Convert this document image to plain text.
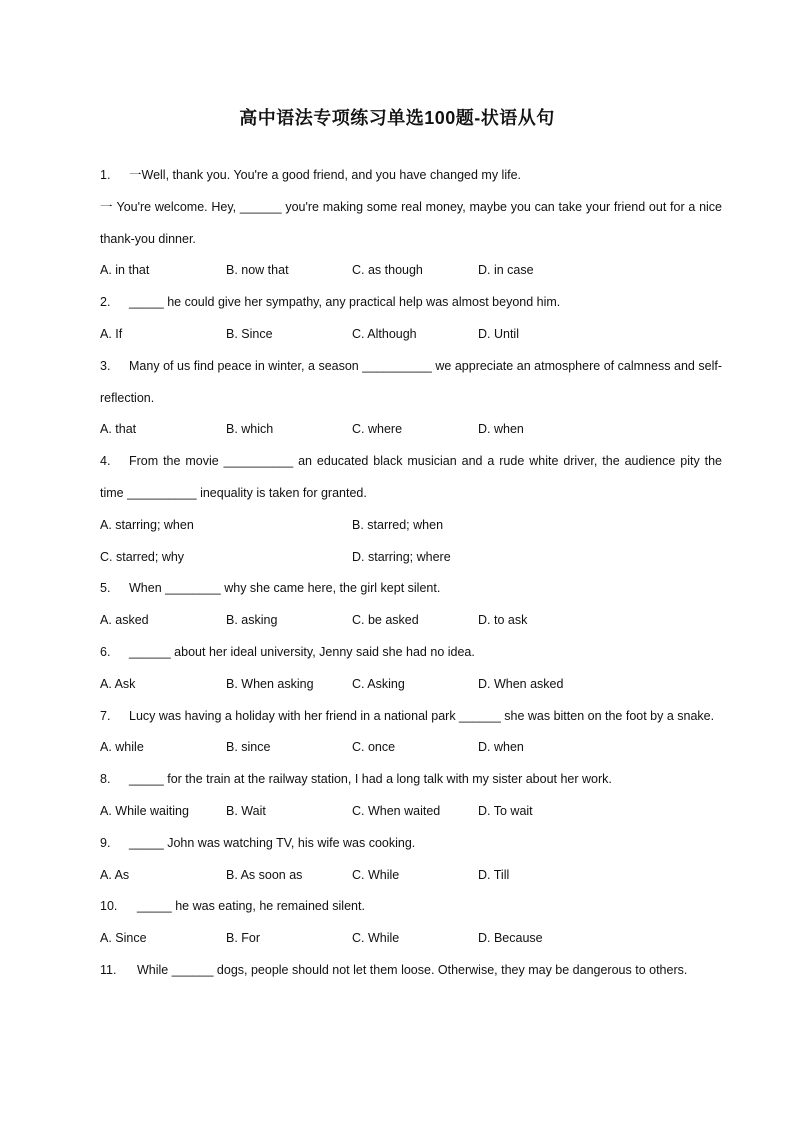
高中语法专项练习单选100题-状语从句
1. 一Well, thank you. You're a good friend, and you have changed my life.
一 You're welcome. Hey, ______ you're making some real money, maybe you can take your friend out for a nice thank-you dinner.
A. in that	B. now that	C. as though	D. in case
2. _____ he could give her sympathy, any practical help was almost beyond him.
A. If	B. Since	C. Although	D. Until
3. Many of us find peace in winter, a season __________ we appreciate an atmosphere of calmness and self-reflection.
A. that	B. which	C. where	D. when
4. From the movie __________ an educated black musician and a rude white driver, the audience pity the time __________ inequality is taken for granted.
A. starring; when	B. starred; when
C. starred; why	D. starring; where
5. When ________ why she came here, the girl kept silent.
A. asked	B. asking	C. be asked	D. to ask
6. ______ about her ideal university, Jenny said she had no idea.
A. Ask	B. When asking	C. Asking	D. When asked
7. Lucy was having a holiday with her friend in a national park ______ she was bitten on the foot by a snake.
A. while	B. since	C. once	D. when
8. _____ for the train at the railway station, I had a long talk with my sister about her work.
A. While waiting	B. Wait	C. When waited	D. To wait
9. _____ John was watching TV, his wife was cooking.
A. As	B. As soon as	C. While	D. Till
10. _____ he was eating, he remained silent.
A. Since	B. For	C. While	D. Because
11. While ______ dogs, people should not let them loose. Otherwise, they may be dangerous to others.
